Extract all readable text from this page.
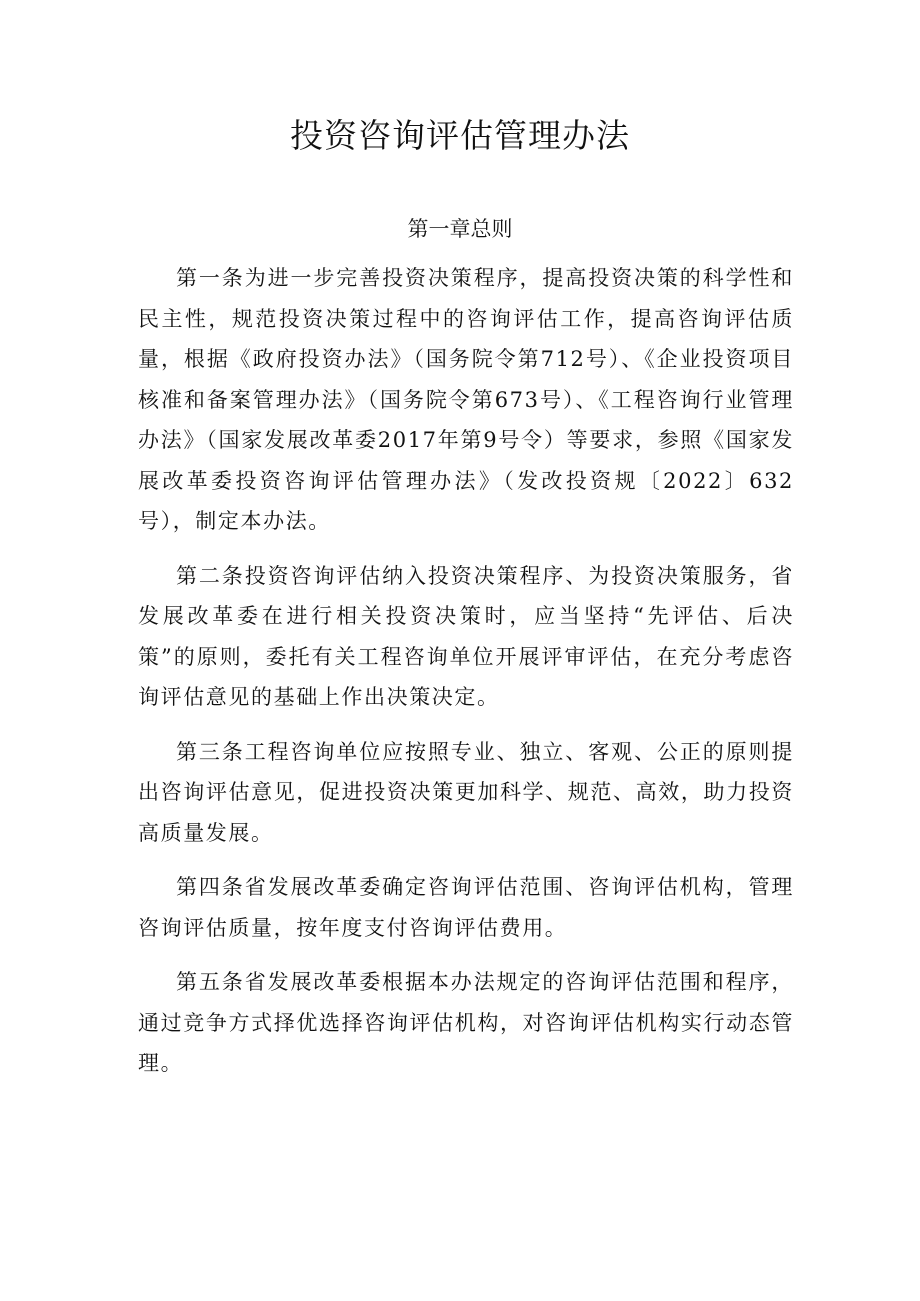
投资咨询评估管理办法
第一章总则

第一条为进一步完善投资决策程序，提高投资决策的科学性和民主性，规范投资决策过程中的咨询评估工作，提高咨询评估质量，根据《政府投资办法》（国务院令第712号）、《企业投资项目核准和备案管理办法》（国务院令第673号）、《工程咨询行业管理办法》（国家发展改革委2017年第9号令）等要求，参照《国家发展改革委投资咨询评估管理办法》（发改投资规〔2022〕632号），制定本办法。

第二条投资咨询评估纳入投资决策程序、为投资决策服务，省发展改革委在进行相关投资决策时，应当坚持“先评估、后决策”的原则，委托有关工程咨询单位开展评审评估，在充分考虑咨询评估意见的基础上作出决策决定。

第三条工程咨询单位应按照专业、独立、客观、公正的原则提出咨询评估意见，促进投资决策更加科学、规范、高效，助力投资高质量发展。

第四条省发展改革委确定咨询评估范围、咨询评估机构，管理咨询评估质量，按年度支付咨询评估费用。

第五条省发展改革委根据本办法规定的咨询评估范围和程序，通过竞争方式择优选择咨询评估机构，对咨询评估机构实行动态管理。
